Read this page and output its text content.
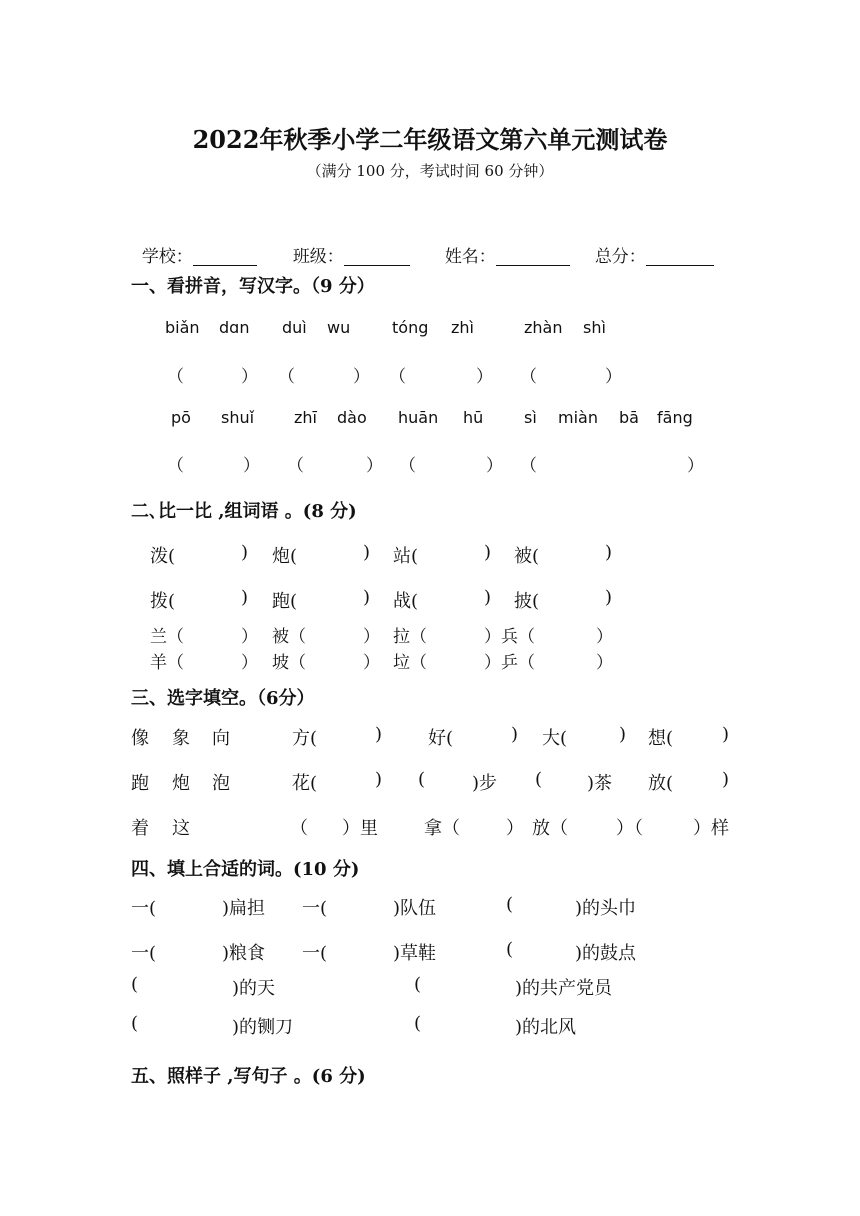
2022年秋季小学二年级语文第六单元测试卷
（满分 100 分，考试时间 60 分钟）

学校：	班级：	姓名：	总分：

一、看拼音，写汉字。（9 分）
biǎn dɑn duì wu	tóng zhì	zhàn shì
（	） （	） （	） （	）
pō shuǐ zhī dào huān hū	sì miàn bā fāng
（	） （	） （	） （	）
二､比一比 ,组词语 。(8 分)
泼(	) 炮(	) 站(	) 被(	)
拨(	) 跑(	) 战(	) 披(	)
兰（	） 被（	） 拉（	）兵（	）
羊（	） 坡（	） 垃（	）乒（	）
三、选字填空。（6分）
像 象 向	方(	)	好(	) 大(	) 想(	)
跑 炮 泡	花(	) (	)步 ( )茶 放(	)
着 这	（ ）里	拿（	） 放（	）（	）样
四、填上合适的词。(10 分)
一(	)扁担 一(	)队伍	(	)的头巾
一(	)粮食 一(	)草鞋	(	)的鼓点
(	)的天	(	)的共产党员
(	)的铡刀	(	)的北风
五、照样子 ,写句子 。(6 分)
